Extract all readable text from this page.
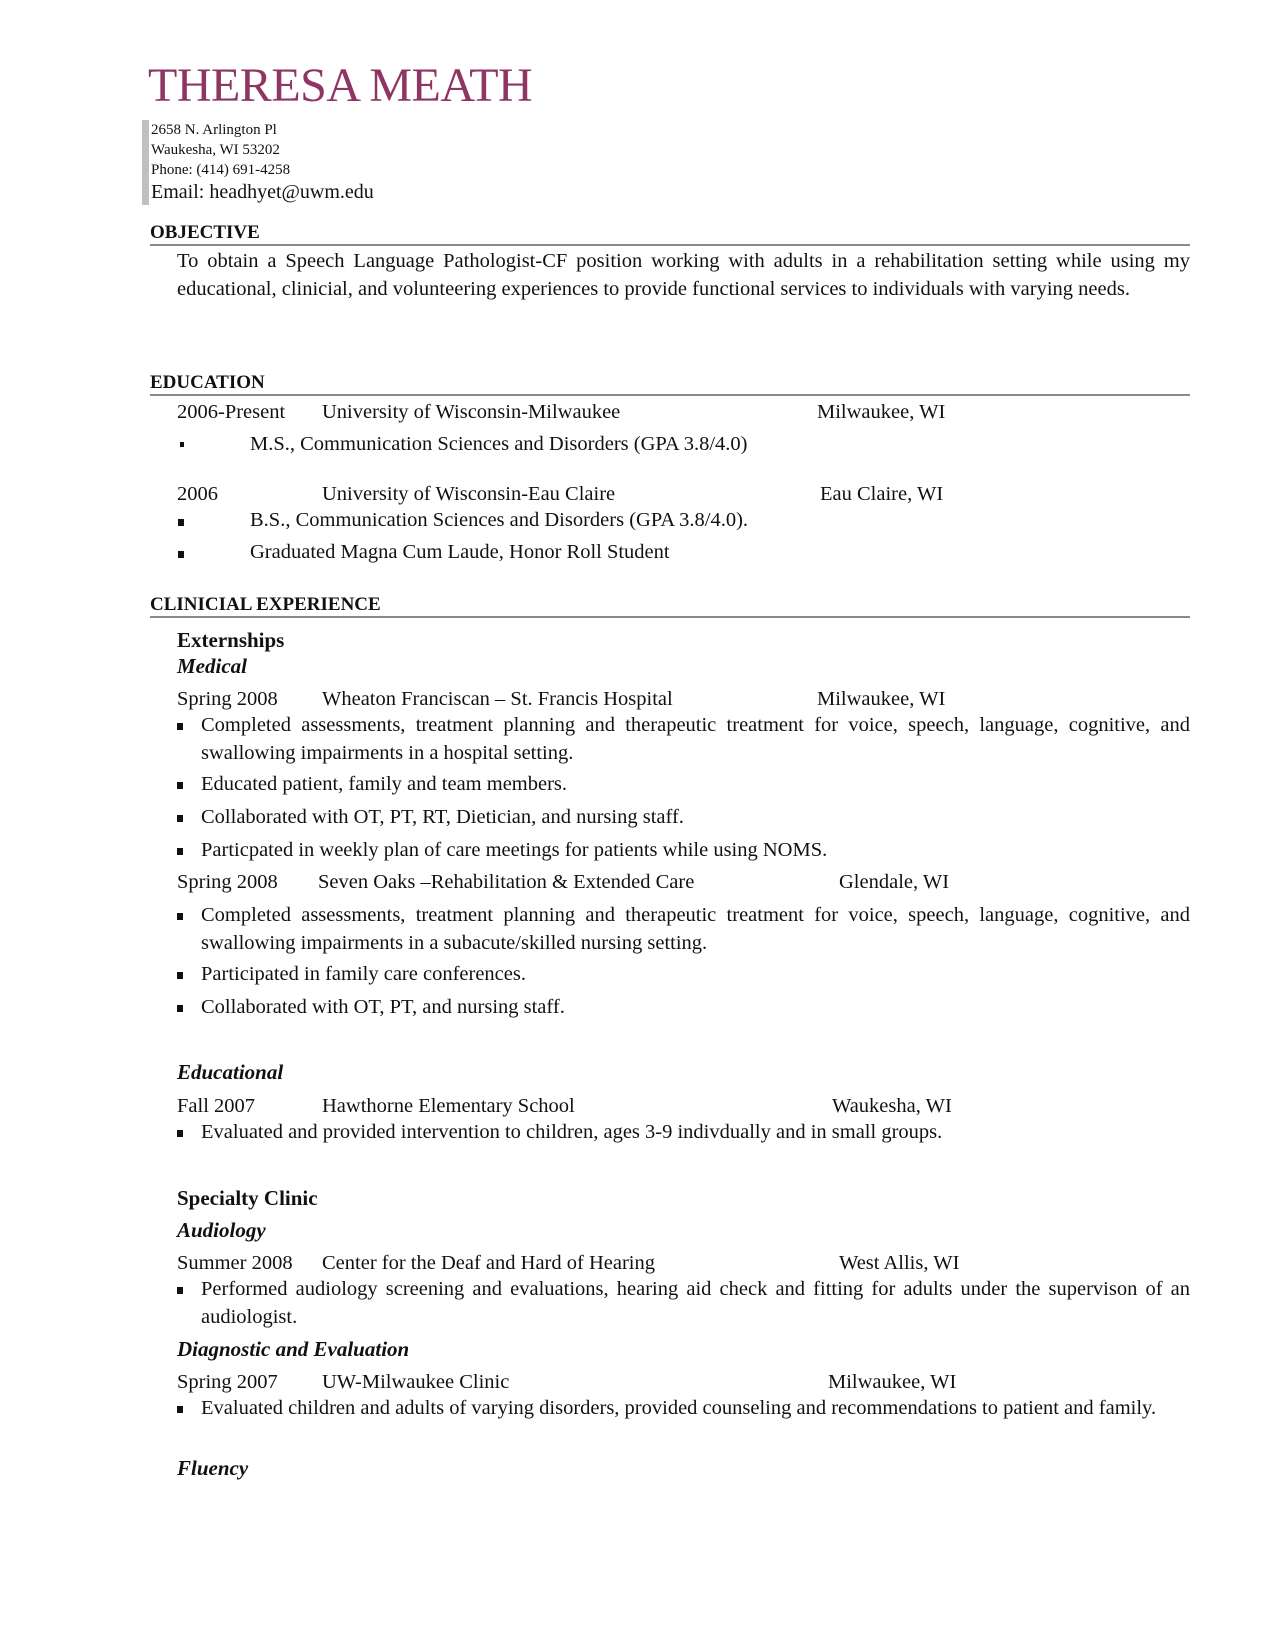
THERESA MEATH
2658 N. Arlington Pl
Waukesha, WI 53202
Phone: (414) 691-4258
Email: headhyet@uwm.edu
OBJECTIVE
To obtain a Speech Language Pathologist-CF position working with adults in a rehabilitation setting while using my educational, clinicial, and volunteering experiences to provide functional services to individuals with varying needs.
EDUCATION
2006-Present University of Wisconsin-Milwaukee	Milwaukee, WI
M.S., Communication Sciences and Disorders (GPA 3.8/4.0)
2006	University of Wisconsin-Eau Claire	Eau Claire, WI
B.S., Communication Sciences and Disorders (GPA 3.8/4.0).
Graduated Magna Cum Laude, Honor Roll Student
CLINICIAL EXPERIENCE
Externships
Medical
Spring 2008 Wheaton Franciscan – St. Francis Hospital	Milwaukee, WI
Completed assessments, treatment planning and therapeutic treatment for voice, speech, language, cognitive, and swallowing impairments in a hospital setting.
Educated patient, family and team members.
Collaborated with OT, PT, RT, Dietician, and nursing staff.
Particpated in weekly plan of care meetings for patients while using NOMS.
Spring 2008 Seven Oaks –Rehabilitation & Extended Care	Glendale, WI
Completed assessments, treatment planning and therapeutic treatment for voice, speech, language, cognitive, and swallowing impairments in a subacute/skilled nursing setting.
Participated in family care conferences.
Collaborated with OT, PT, and nursing staff.
Educational
Fall 2007	Hawthorne Elementary School	Waukesha, WI
Evaluated and provided intervention to children, ages 3-9 indivdually and in small groups.
Specialty Clinic
Audiology
Summer 2008 Center for the Deaf and Hard of Hearing	West Allis, WI
Performed audiology screening and evaluations, hearing aid check and fitting for adults under the supervison of an audiologist.
Diagnostic and Evaluation
Spring 2007 UW-Milwaukee Clinic	Milwaukee, WI
Evaluated children and adults of varying disorders, provided counseling and recommendations to patient and family.
Fluency
